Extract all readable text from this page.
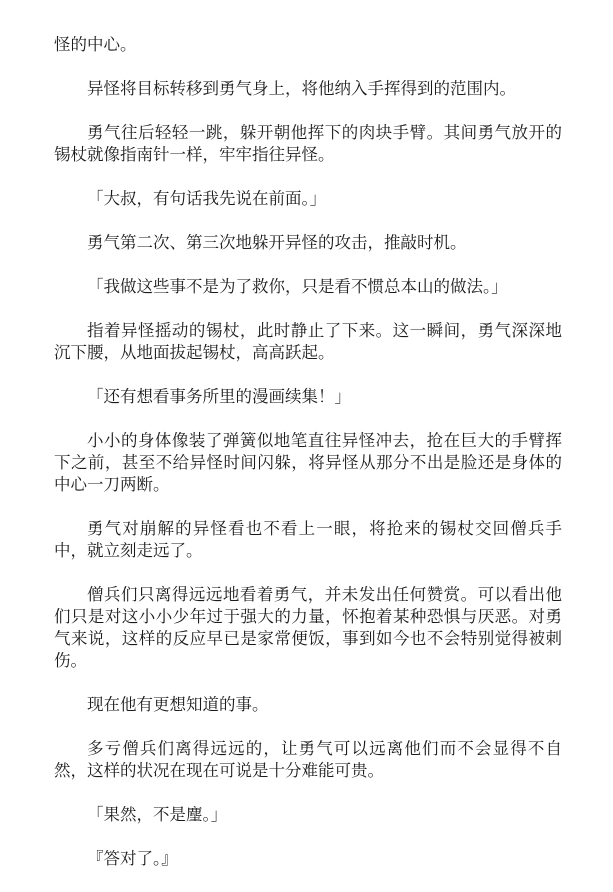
怪的中心。

异怪将目标转移到勇气身上，将他纳入手挥得到的范围内。

勇气往后轻轻一跳，躲开朝他挥下的肉块手臂。其间勇气放开的锡杖就像指南针一样，牢牢指往异怪。

「大叔，有句话我先说在前面。」

勇气第二次、第三次地躲开异怪的攻击，推敲时机。

「我做这些事不是为了救你，只是看不惯总本山的做法。」

指着异怪摇动的锡杖，此时静止了下来。这一瞬间，勇气深深地沉下腰，从地面拔起锡杖，高高跃起。

「还有想看事务所里的漫画续集！」

小小的身体像装了弹簧似地笔直往异怪冲去，抢在巨大的手臂挥下之前，甚至不给异怪时间闪躲，将异怪从那分不出是脸还是身体的中心一刀两断。

勇气对崩解的异怪看也不看上一眼，将抢来的锡杖交回僧兵手中，就立刻走远了。

僧兵们只离得远远地看着勇气，并未发出任何赞赏。可以看出他们只是对这小小少年过于强大的力量，怀抱着某种恐惧与厌恶。对勇气来说，这样的反应早已是家常便饭，事到如今也不会特别觉得被刺伤。

现在他有更想知道的事。

多亏僧兵们离得远远的，让勇气可以远离他们而不会显得不自然，这样的状况在现在可说是十分难能可贵。

「果然，不是麈。」

『答对了。』
